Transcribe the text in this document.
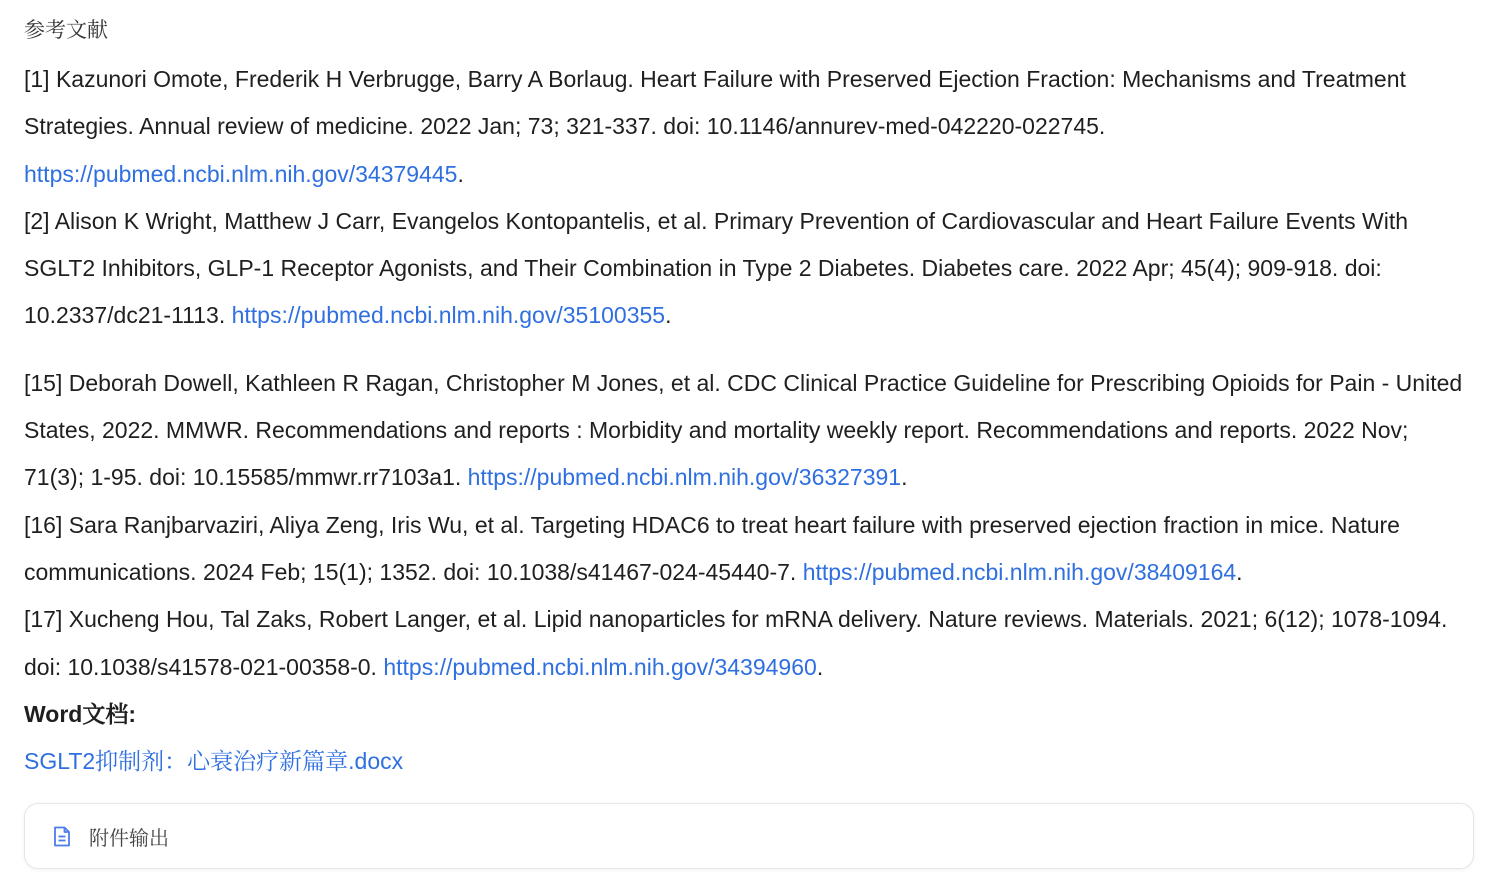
参考文献

[1] Kazunori Omote, Frederik H Verbrugge, Barry A Borlaug. Heart Failure with Preserved Ejection Fraction: Mechanisms and Treatment Strategies. Annual review of medicine. 2022 Jan; 73; 321-337. doi: 10.1146/annurev-med-042220-022745. https://pubmed.ncbi.nlm.nih.gov/34379445.

[2] Alison K Wright, Matthew J Carr, Evangelos Kontopantelis, et al. Primary Prevention of Cardiovascular and Heart Failure Events With SGLT2 Inhibitors, GLP-1 Receptor Agonists, and Their Combination in Type 2 Diabetes. Diabetes care. 2022 Apr; 45(4); 909-918. doi: 10.2337/dc21-1113. https://pubmed.ncbi.nlm.nih.gov/35100355.

[15] Deborah Dowell, Kathleen R Ragan, Christopher M Jones, et al. CDC Clinical Practice Guideline for Prescribing Opioids for Pain - United States, 2022. MMWR. Recommendations and reports : Morbidity and mortality weekly report. Recommendations and reports. 2022 Nov; 71(3); 1-95. doi: 10.15585/mmwr.rr7103a1. https://pubmed.ncbi.nlm.nih.gov/36327391.

[16] Sara Ranjbarvaziri, Aliya Zeng, Iris Wu, et al. Targeting HDAC6 to treat heart failure with preserved ejection fraction in mice. Nature communications. 2024 Feb; 15(1); 1352. doi: 10.1038/s41467-024-45440-7. https://pubmed.ncbi.nlm.nih.gov/38409164.

[17] Xucheng Hou, Tal Zaks, Robert Langer, et al. Lipid nanoparticles for mRNA delivery. Nature reviews. Materials. 2021; 6(12); 1078-1094. doi: 10.1038/s41578-021-00358-0. https://pubmed.ncbi.nlm.nih.gov/34394960.

Word文档:

SGLT2抑制剂：心衰治疗新篇章.docx

附件输出
